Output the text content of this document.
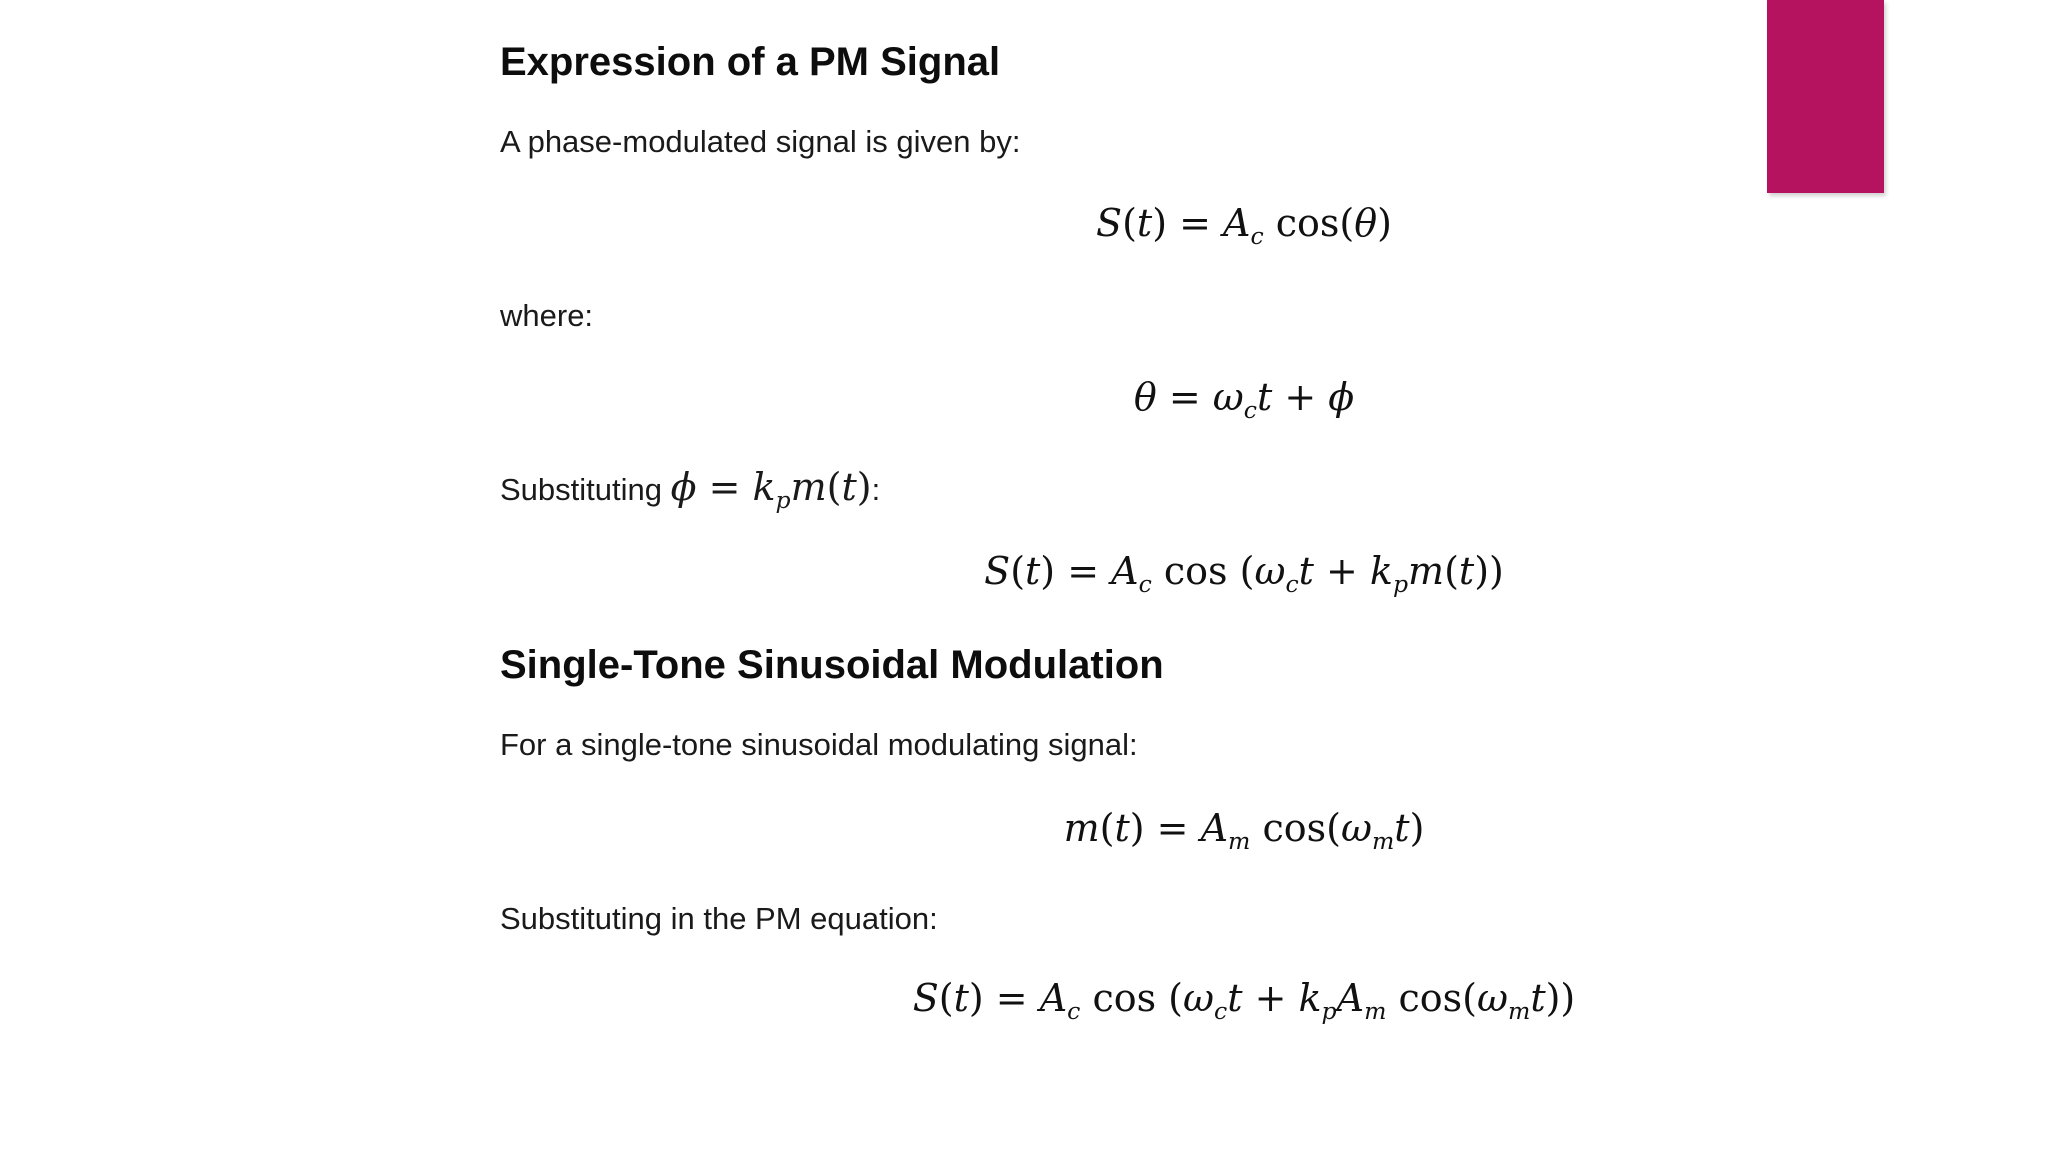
Expression of a PM Signal

A phase-modulated signal is given by:

$S(t) = A_c$ cos(θ)

where:

$\theta = \omega_ct + \phi$

Substituting $\phi = k_pm(t)$:

$S(t) = A_c$ $\cos (\omega_ct + k_pm(t))$
Single-Tone Sinusoidal Modulation

For a single-tone sinusoidal modulating signal:

$m(t) = A_m$ $\cos(\omega_mt)$

Substituting in the PM equation:

$S(t) = A_c$ $\cos (\omega_ct + k_pA_m$ $\cos(\omega_mt)$)
